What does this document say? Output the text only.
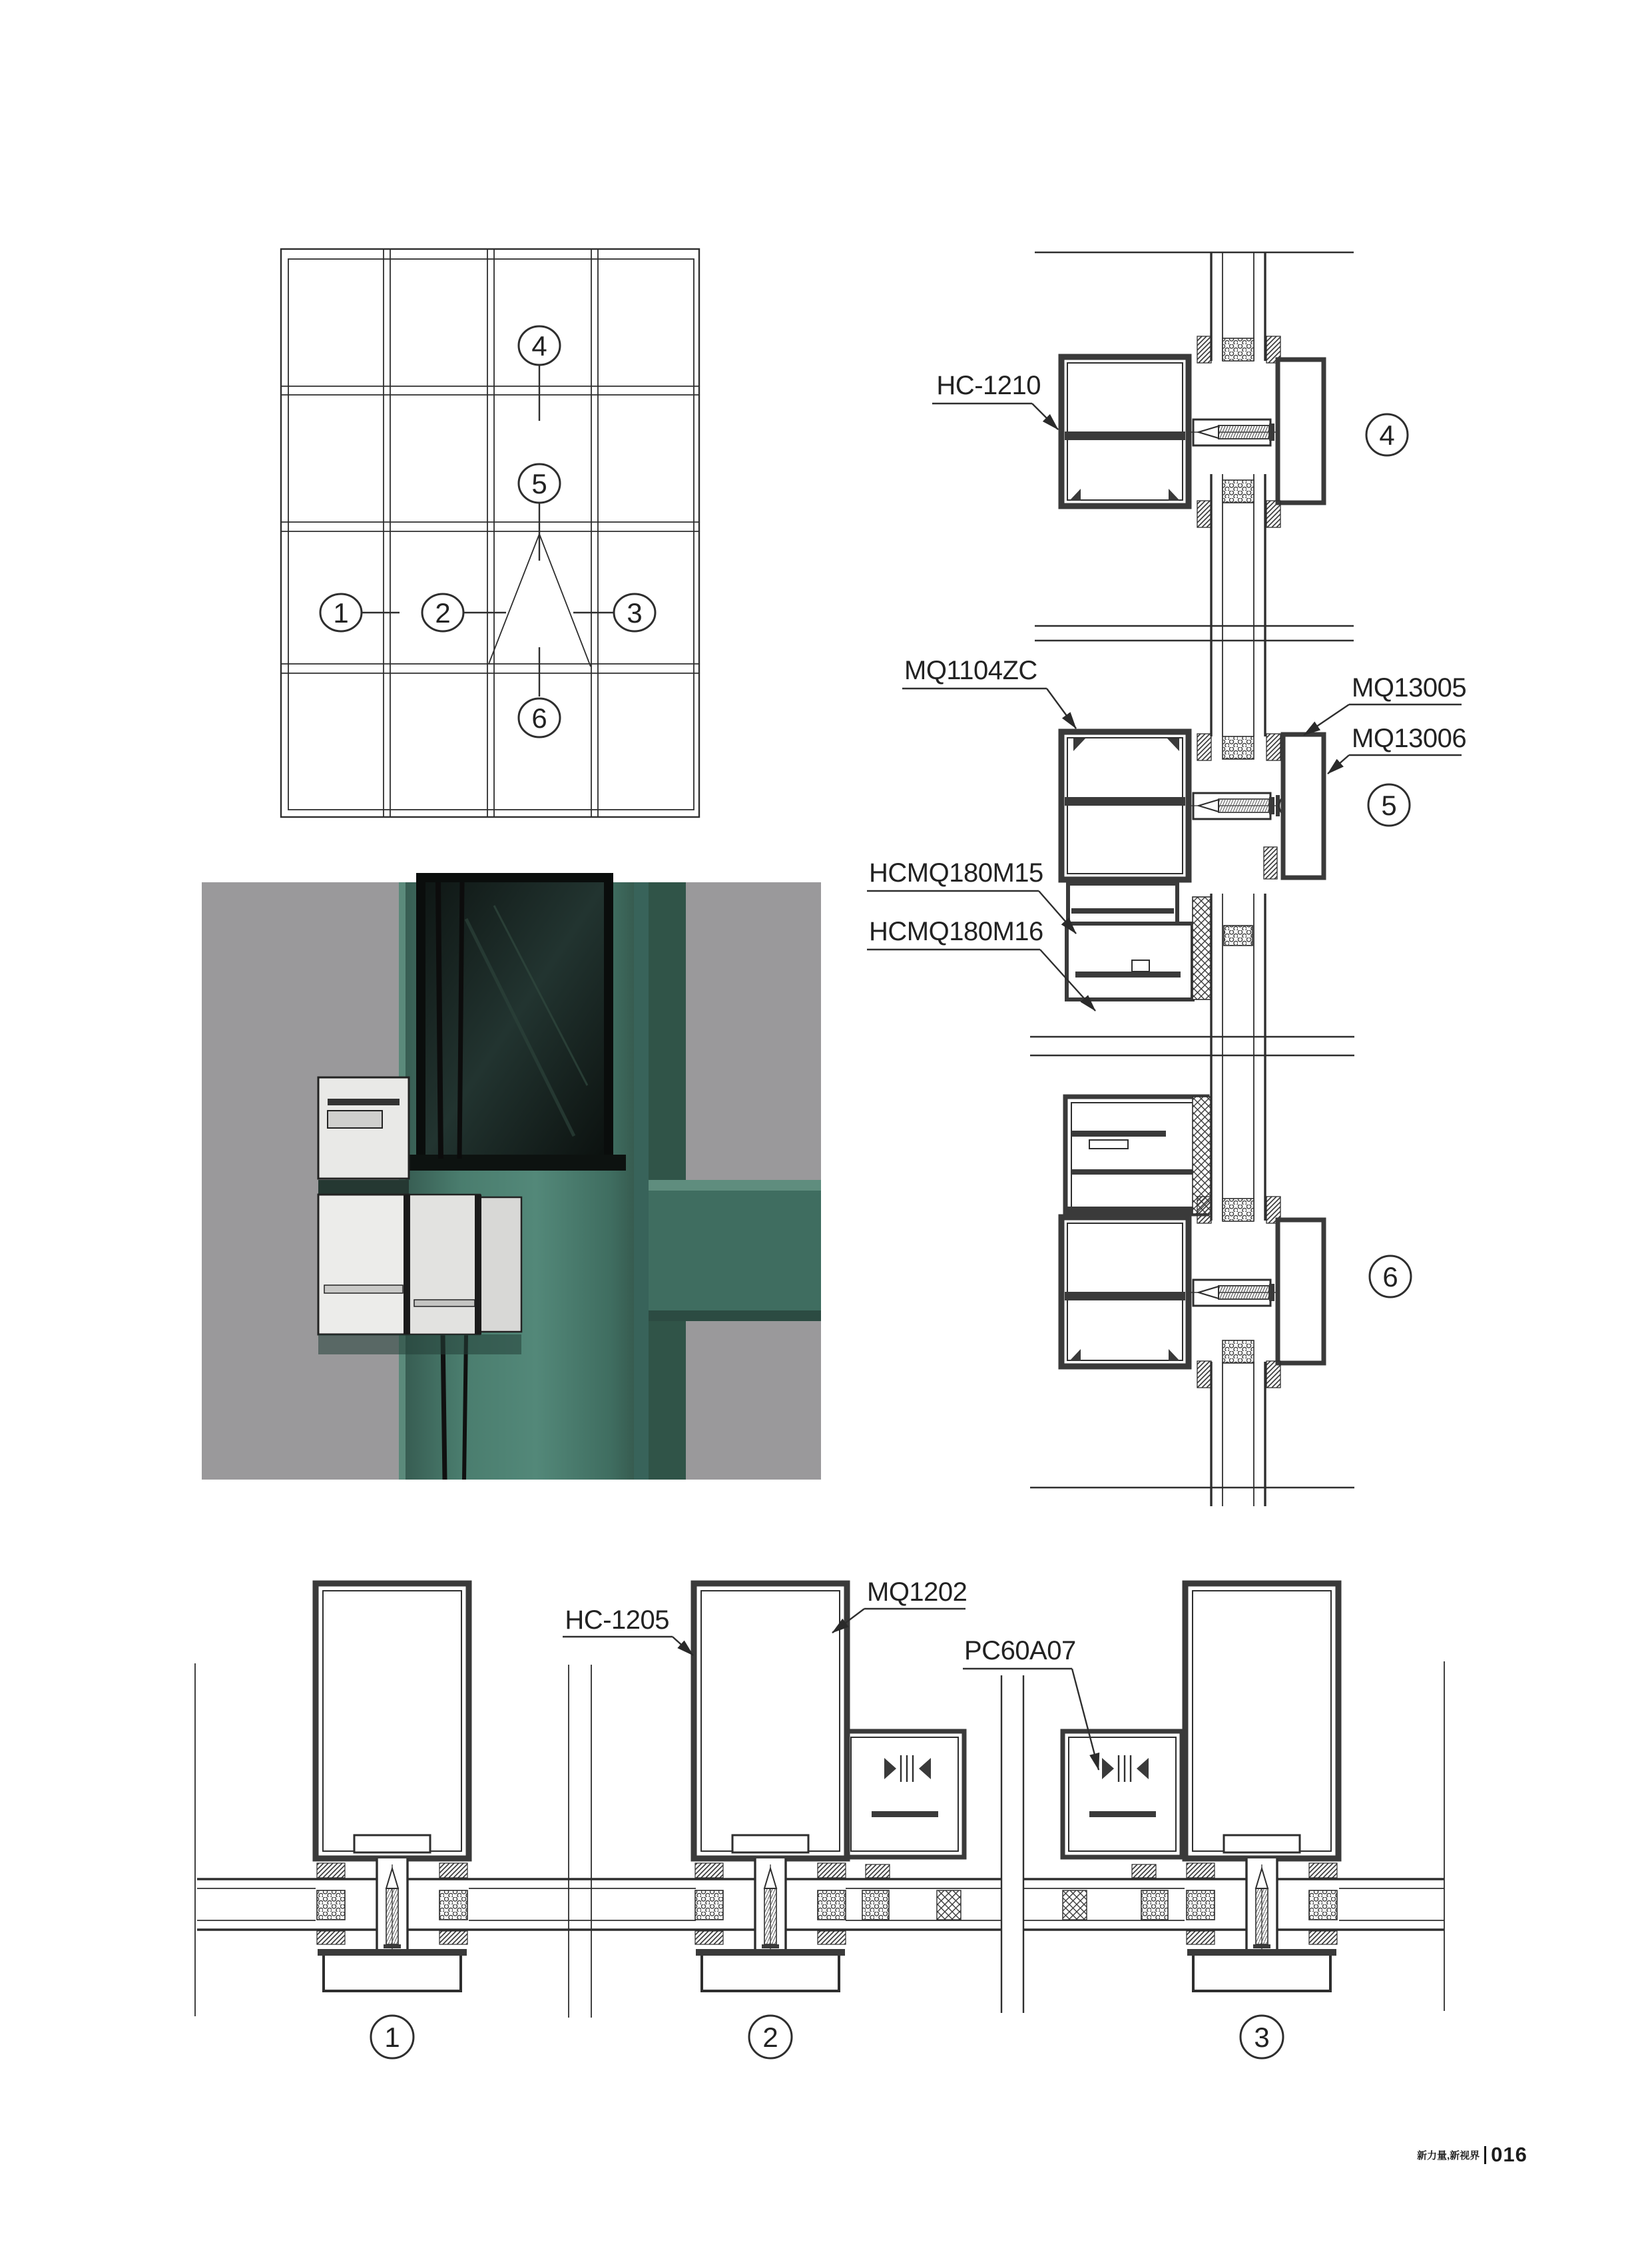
4
5
6
1	2	3
4
HC-1210
5
MQ1104ZC
MQ13005
MQ13006
HCMQ180M15
HCMQ180M16
6
1	2
HC-1205
MQ1202
PC60A07
3
新力量,新视界 016
